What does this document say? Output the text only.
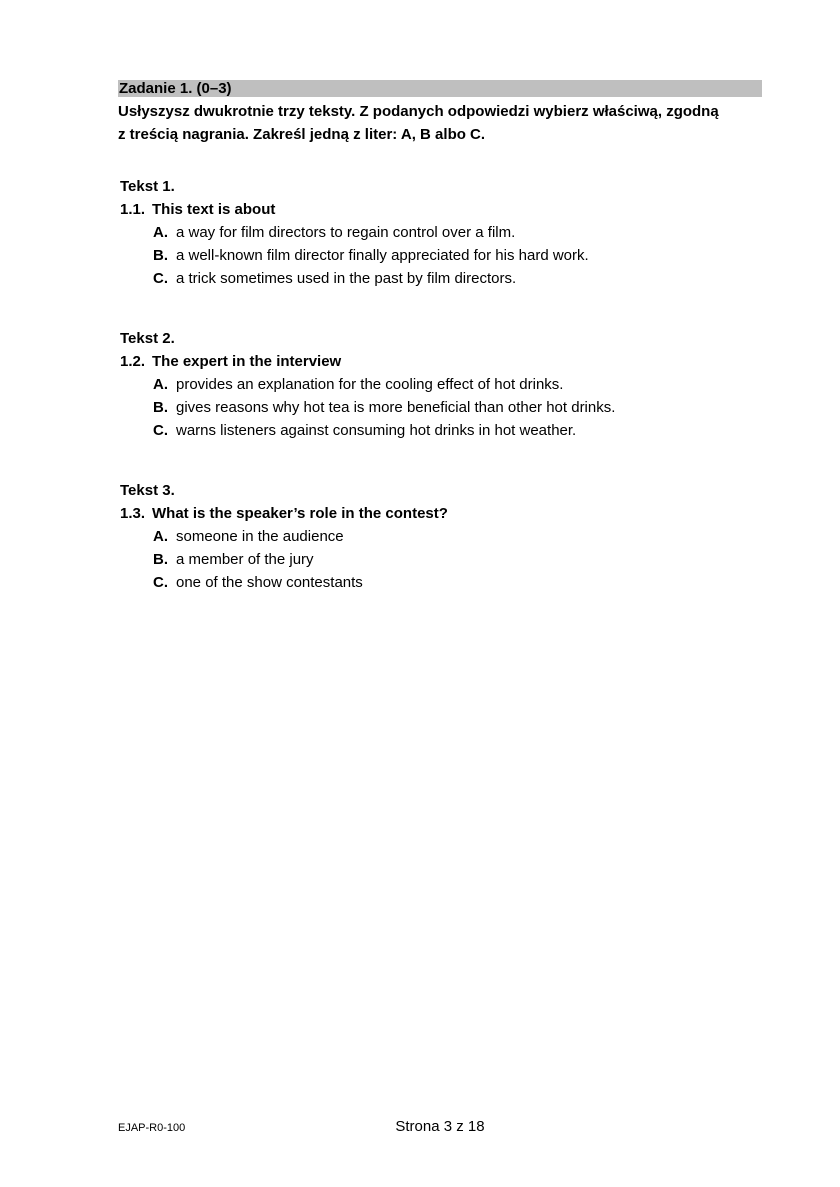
Zadanie 1. (0–3)
Usłyszysz dwukrotnie trzy teksty. Z podanych odpowiedzi wybierz właściwą, zgodną
z treścią nagrania. Zakreśl jedną z liter: A, B albo C.
Tekst 1.
1.1. This text is about
A. a way for film directors to regain control over a film.
B. a well-known film director finally appreciated for his hard work.
C. a trick sometimes used in the past by film directors.
Tekst 2.
1.2. The expert in the interview
A. provides an explanation for the cooling effect of hot drinks.
B. gives reasons why hot tea is more beneficial than other hot drinks.
C. warns listeners against consuming hot drinks in hot weather.
Tekst 3.
1.3. What is the speaker’s role in the contest?
A. someone in the audience
B. a member of the jury
C. one of the show contestants
EJAP-R0-100	Strona 3 z 18
